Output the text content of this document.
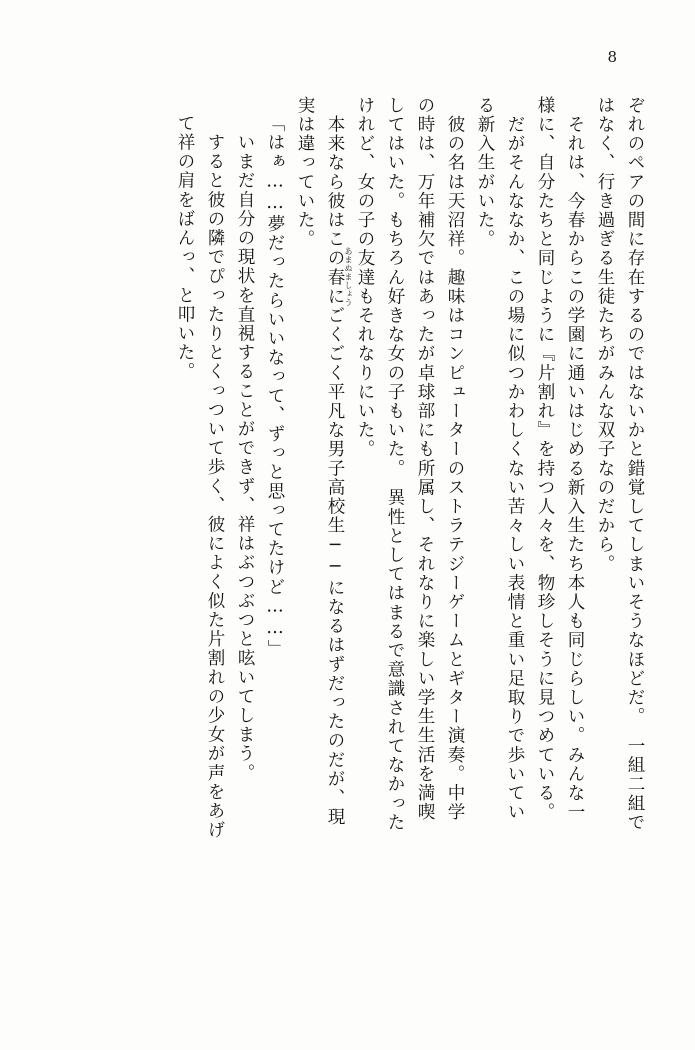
8
ぞれのペアの間に存在するのではないかと錯覚してしまいそうなほどだ。　一組二組で
はなく、行き過ぎる生徒たちがみんな双子なのだから。
　それは、今春からこの学園に通いはじめる新入生たち本人も同じらしい。みんな一
様に、自分たちと同じように『片割れ』を持つ人々を、物珍しそうに見つめている。
　だがそんななか、この場に似つかわしくない苦々しい表情と重い足取りで歩いてい
る新入生がいた。
　彼の名は天沼祥。趣味はコンピューターのストラテジーゲームとギター演奏。中学
の時は、万年補欠ではあったが卓球部にも所属し、それなりに楽しい学生生活を満喫
してはいた。もちろん好きな女の子もいた。　異性としてはまるで意識されてなかった
けれど、女の子の友達もそれなりにいた。
　本来なら彼はこの春にごくごく平凡な男子高校生──になるはずだったのだが、現
実は違っていた。
「はぁ……夢だったらいいなって、ずっと思ってたけど……」
　いまだ自分の現状を直視することができず、祥はぶつぶつと呟いてしまう。
　すると彼の隣でぴったりとくっついて歩く、彼によく似た片割れの少女が声をあげ
て祥の肩をばんっ、と叩いた。	あまぬましょう
